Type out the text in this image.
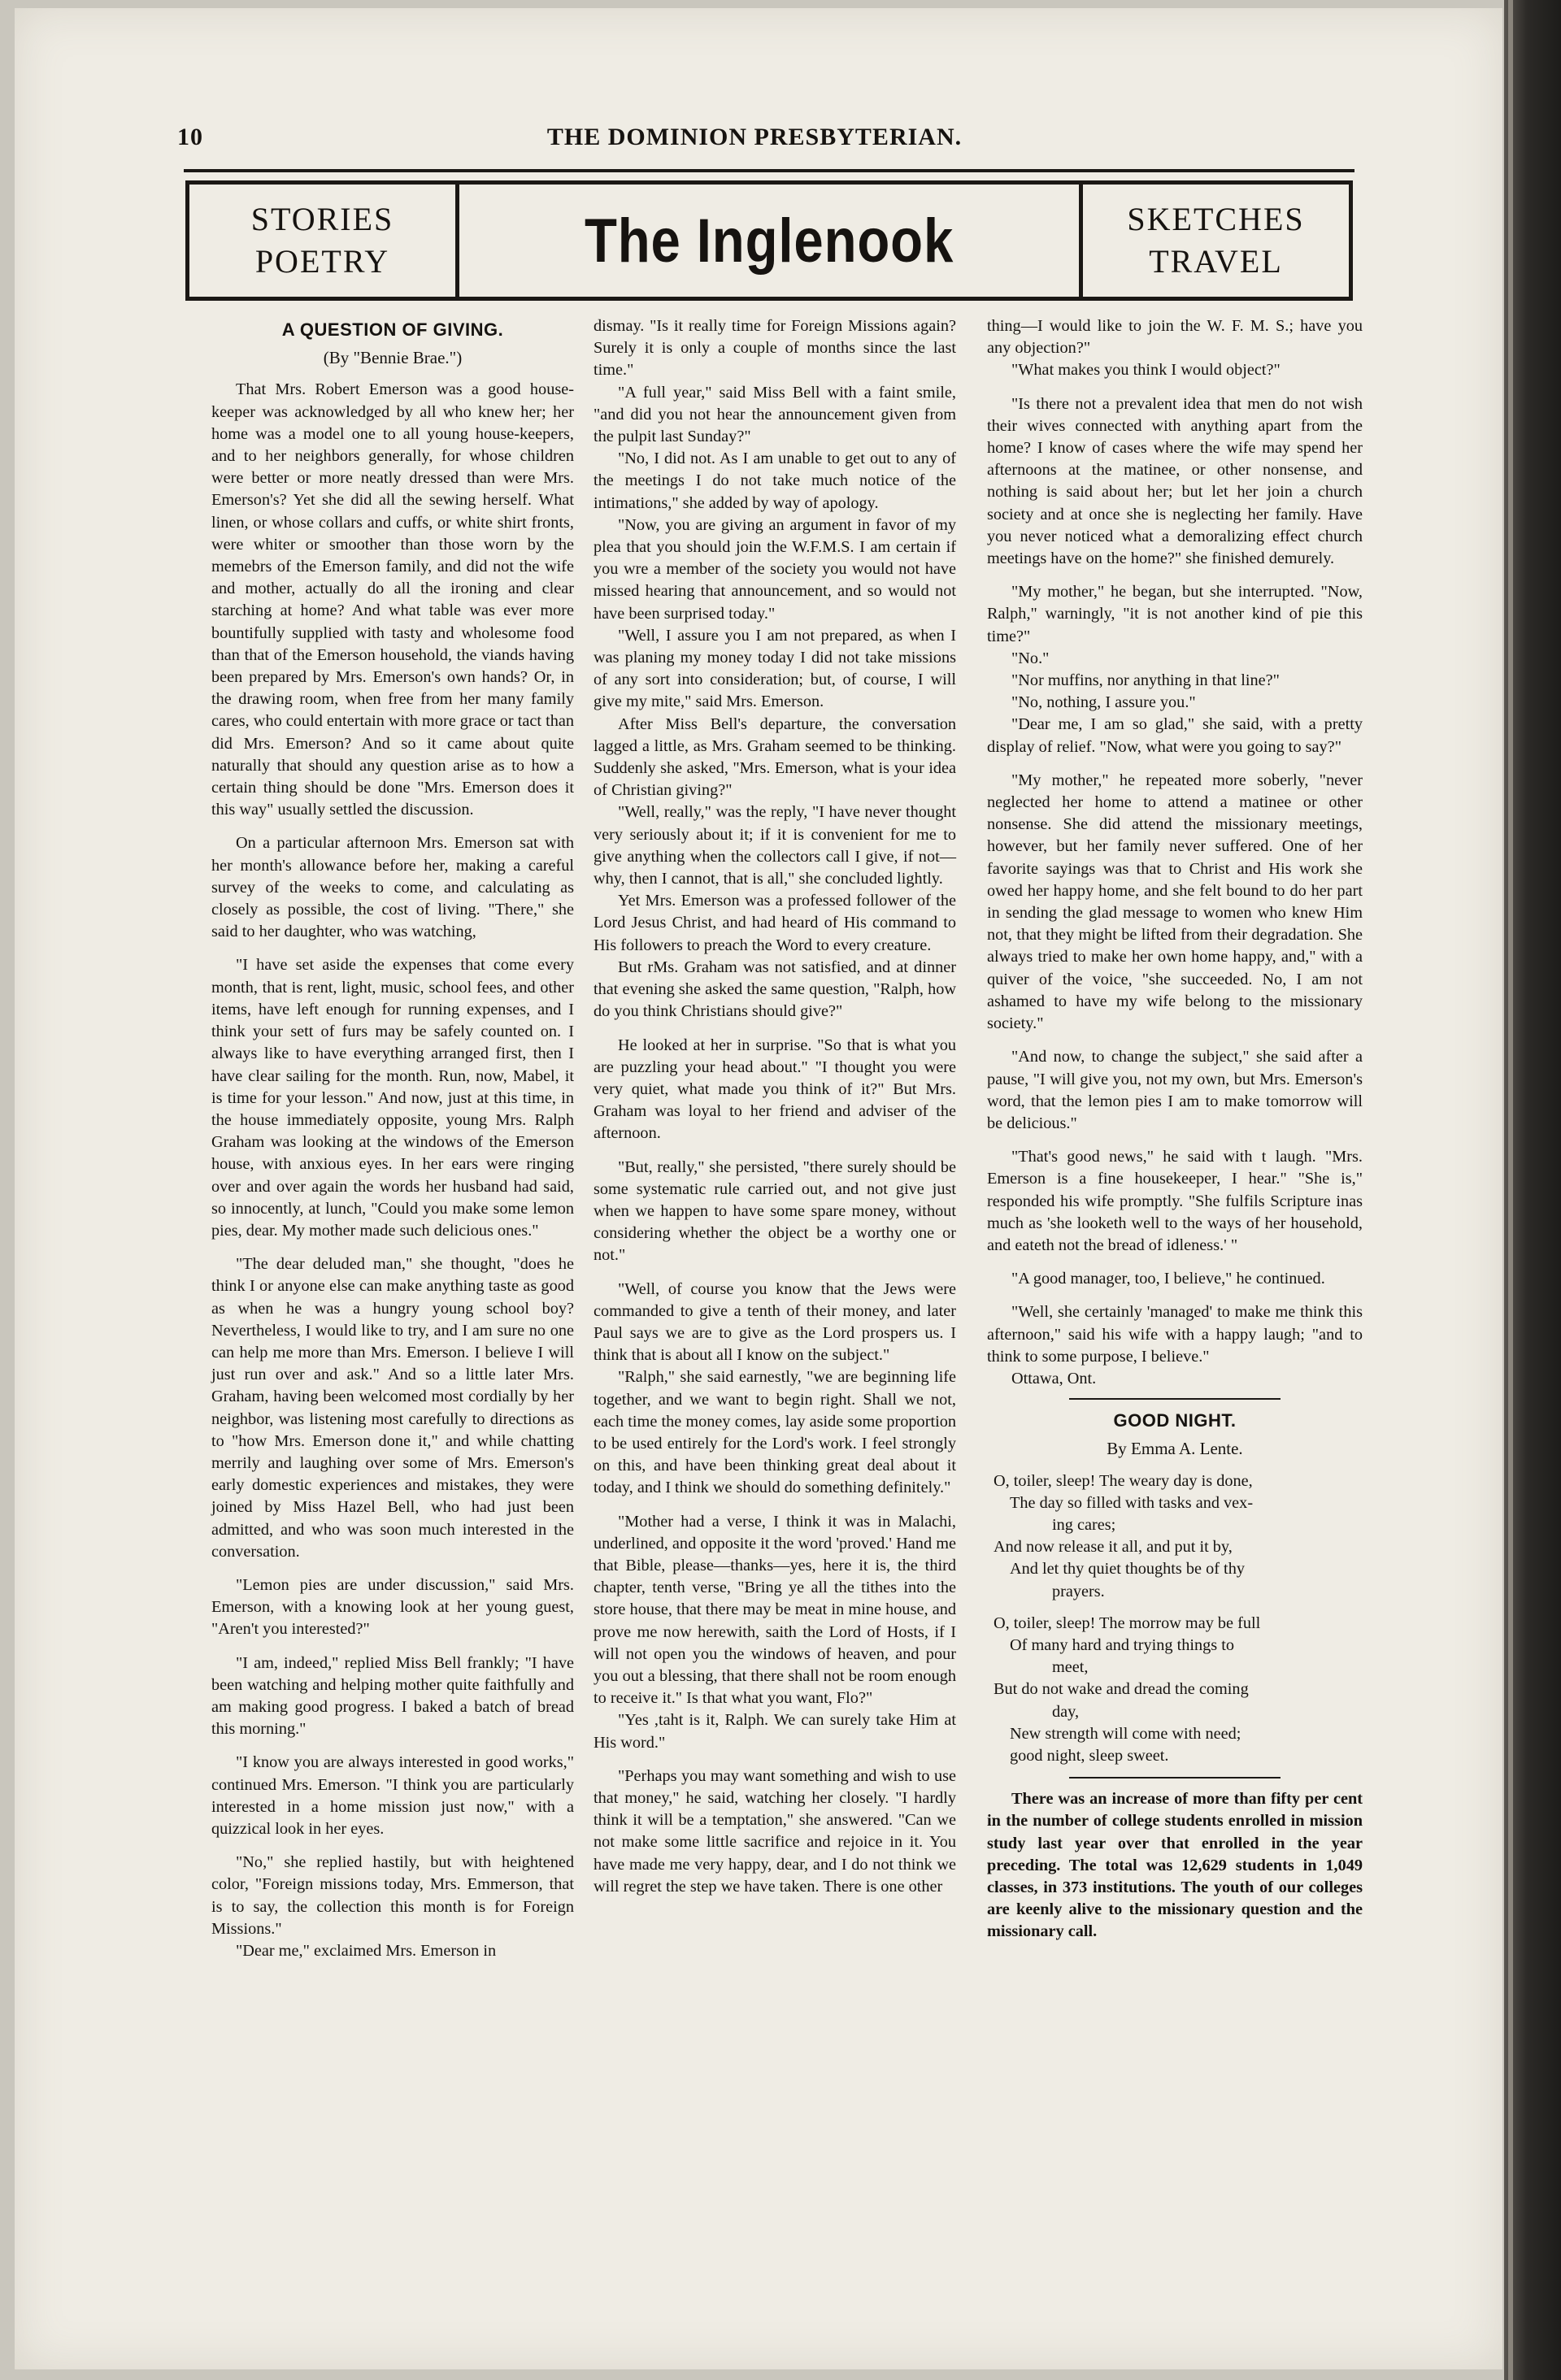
10	THE DOMINION PRESBYTERIAN.
STORIES
POETRY	The Inglenook	SKETCHES
TRAVEL
A QUESTION OF GIVING.
(By "Bennie Brae.")

That Mrs. Robert Emerson was a good house-keeper was acknowledged by all who knew her; her home was a model one to all young house-keepers, and to her neighbors generally, for whose children were better or more neatly dressed than were Mrs. Emerson's? Yet she did all the sewing herself. What linen, or whose collars and cuffs, or white shirt fronts, were whiter or smoother than those worn by the memebrs of the Emerson family, and did not the wife and mother, actually do all the ironing and clear starching at home? And what table was ever more bountifully supplied with tasty and wholesome food than that of the Emerson household, the viands having been prepared by Mrs. Emerson's own hands? Or, in the drawing room, when free from her many family cares, who could entertain with more grace or tact than did Mrs. Emerson? And so it came about quite naturally that should any question arise as to how a certain thing should be done "Mrs. Emerson does it this way" usually settled the discussion.

On a particular afternoon Mrs. Emerson sat with her month's allowance before her, making a careful survey of the weeks to come, and calculating as closely as possible, the cost of living. "There," she said to her daughter, who was watching,

"I have set aside the expenses that come every month, that is rent, light, music, school fees, and other items, have left enough for running expenses, and I think your sett of furs may be safely counted on. I always like to have everything arranged first, then I have clear sailing for the month. Run, now, Mabel, it is time for your lesson." And now, just at this time, in the house immediately opposite, young Mrs. Ralph Graham was looking at the windows of the Emerson house, with anxious eyes. In her ears were ringing over and over again the words her husband had said, so innocently, at lunch, "Could you make some lemon pies, dear. My mother made such delicious ones."

"The dear deluded man," she thought, "does he think I or anyone else can make anything taste as good as when he was a hungry young school boy? Nevertheless, I would like to try, and I am sure no one can help me more than Mrs. Emerson. I believe I will just run over and ask." And so a little later Mrs. Graham, having been welcomed most cordially by her neighbor, was listening most carefully to directions as to "how Mrs. Emerson done it," and while chatting merrily and laughing over some of Mrs. Emerson's early domestic experiences and mistakes, they were joined by Miss Hazel Bell, who had just been admitted, and who was soon much interested in the conversation.

"Lemon pies are under discussion," said Mrs. Emerson, with a knowing look at her young guest, "Aren't you interested?"

"I am, indeed," replied Miss Bell frankly; "I have been watching and helping mother quite faithfully and am making good progress. I baked a batch of bread this morning."

"I know you are always interested in good works," continued Mrs. Emerson. "I think you are particularly interested in a home mission just now," with a quizzical look in her eyes.

"No," she replied hastily, but with heightened color, "Foreign missions today, Mrs. Emmerson, that is to say, the collection this month is for Foreign Missions."

"Dear me," exclaimed Mrs. Emerson in

dismay. "Is it really time for Foreign Missions again? Surely it is only a couple of months since the last time."

"A full year," said Miss Bell with a faint smile, "and did you not hear the announcement given from the pulpit last Sunday?"

"No, I did not. As I am unable to get out to any of the meetings I do not take much notice of the intimations," she added by way of apology.

"Now, you are giving an argument in favor of my plea that you should join the W.F.M.S. I am certain if you wre a member of the society you would not have missed hearing that announcement, and so would not have been surprised today."

"Well, I assure you I am not prepared, as when I was planing my money today I did not take missions of any sort into consideration; but, of course, I will give my mite," said Mrs. Emerson.

After Miss Bell's departure, the conversation lagged a little, as Mrs. Graham seemed to be thinking. Suddenly she asked, "Mrs. Emerson, what is your idea of Christian giving?"

"Well, really," was the reply, "I have never thought very seriously about it; if it is convenient for me to give anything when the collectors call I give, if not—why, then I cannot, that is all," she concluded lightly.

Yet Mrs. Emerson was a professed follower of the Lord Jesus Christ, and had heard of His command to His followers to preach the Word to every creature.

But rMs. Graham was not satisfied, and at dinner that evening she asked the same question, "Ralph, how do you think Christians should give?"

He looked at her in surprise. "So that is what you are puzzling your head about." "I thought you were very quiet, what made you think of it?" But Mrs. Graham was loyal to her friend and adviser of the afternoon.

"But, really," she persisted, "there surely should be some systematic rule carried out, and not give just when we happen to have some spare money, without considering whether the object be a worthy one or not."

"Well, of course you know that the Jews were commanded to give a tenth of their money, and later Paul says we are to give as the Lord prospers us. I think that is about all I know on the subject."

"Ralph," she said earnestly, "we are beginning life together, and we want to begin right. Shall we not, each time the money comes, lay aside some proportion to be used entirely for the Lord's work. I feel strongly on this, and have been thinking great deal about it today, and I think we should do something definitely."

"Mother had a verse, I think it was in Malachi, underlined, and opposite it the word 'proved.' Hand me that Bible, please—thanks—yes, here it is, the third chapter, tenth verse, "Bring ye all the tithes into the store house, that there may be meat in mine house, and prove me now herewith, saith the Lord of Hosts, if I will not open you the windows of heaven, and pour you out a blessing, that there shall not be room enough to receive it." Is that what you want, Flo?"

"Yes ,taht is it, Ralph. We can surely take Him at His word."

"Perhaps you may want something and wish to use that money," he said, watching her closely. "I hardly think it will be a temptation," she answered. "Can we not make some little sacrifice and rejoice in it. You have made me very happy, dear, and I do not think we will regret the step we have taken. There is one other

thing—I would like to join the W. F. M. S.; have you any objection?"

"What makes you think I would object?"

"Is there not a prevalent idea that men do not wish their wives connected with anything apart from the home? I know of cases where the wife may spend her afternoons at the matinee, or other nonsense, and nothing is said about her; but let her join a church society and at once she is neglecting her family. Have you never noticed what a demoralizing effect church meetings have on the home?" she finished demurely.

"My mother," he began, but she interrupted. "Now, Ralph," warningly, "it is not another kind of pie this time?"

"No."

"Nor muffins, nor anything in that line?"

"No, nothing, I assure you."

"Dear me, I am so glad," she said, with a pretty display of relief. "Now, what were you going to say?"

"My mother," he repeated more soberly, "never neglected her home to attend a matinee or other nonsense. She did attend the missionary meetings, however, but her family never suffered. One of her favorite sayings was that to Christ and His work she owed her happy home, and she felt bound to do her part in sending the glad message to women who knew Him not, that they might be lifted from their degradation. She always tried to make her own home happy, and," with a quiver of the voice, "she succeeded. No, I am not ashamed to have my wife belong to the missionary society."

"And now, to change the subject," she said after a pause, "I will give you, not my own, but Mrs. Emerson's word, that the lemon pies I am to make tomorrow will be delicious."

"That's good news," he said with t laugh. "Mrs. Emerson is a fine housekeeper, I hear." "She is," responded his wife promptly. "She fulfils Scripture inas much as 'she looketh well to the ways of her household, and eateth not the bread of idleness.' "

"A good manager, too, I believe," he continued.

"Well, she certainly 'managed' to make me think this afternoon," said his wife with a happy laugh; "and to think to some purpose, I believe."

Ottawa, Ont.

GOOD NIGHT.
By Emma A. Lente.

O, toiler, sleep! The weary day is done,

The day so filled with tasks and vex-

ing cares;

And now release it all, and put it by,

And let thy quiet thoughts be of thy

prayers.

O, toiler, sleep! The morrow may be full

Of many hard and trying things to

meet,

But do not wake and dread the coming

day,

New strength will come with need;

good night, sleep sweet.

There was an increase of more than fifty per cent in the number of college students enrolled in mission study last year over that enrolled in the year preceding. The total was 12,629 students in 1,049 classes, in 373 institutions. The youth of our colleges are keenly alive to the missionary question and the missionary call.
